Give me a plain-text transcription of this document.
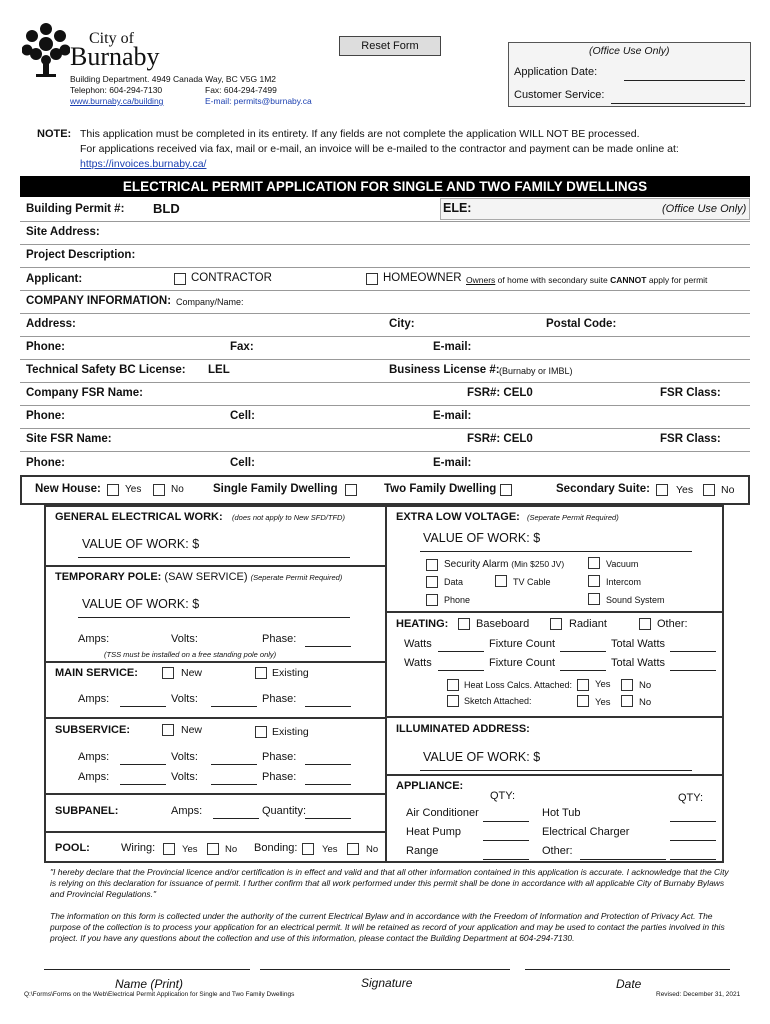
City of
Burnaby
Building Department. 4949 Canada Way, BC V5G 1M2
Telephon: 604-294-7130	Fax: 604-294-7499
www.burnaby.ca/building	E-mail: permits@burnaby.ca
Reset Form	(Office Use Only)
Application Date:
Customer Service:
NOTE: This application must be completed in its entirety. If any fields are not complete the application WILL NOT BE processed.
For applications received via fax, mail or e-mail, an invoice will be e-mailed to the contractor and payment can be made online at:
https://invoices.burnaby.ca/
ELECTRICAL PERMIT APPLICATION FOR SINGLE AND TWO FAMILY DWELLINGS
Building Permit #: BLD	ELE:	(Office Use Only)
Site Address:
Project Description:
Applicant:	CONTRACTOR	HOMEOWNER Owners of home with secondary suite CANNOT apply for permit
COMPANY INFORMATION: Company/Name:
Address:	City:	Postal Code:
Phone:	Fax:	E-mail:
Technical Safety BC License: LEL	Business License #: (Burnaby or IMBL)
Company FSR Name:	FSR#: CEL0	FSR Class:
Phone:	Cell:	E-mail:
Site FSR Name:	FSR#: CEL0	FSR Class:
Phone:	Cell:	E-mail:
New House: Yes	No	Single Family Dwelling	Two Family Dwelling	Secondary Suite: Yes	No
GENERAL ELECTRICAL WORK: (does not apply to New SFD/TFD)
VALUE OF WORK: $
TEMPORARY POLE: (SAW SERVICE) (Seperate Permit Required)
VALUE OF WORK: $
Amps:	Volts:	Phase:
(TSS must be installed on a free standing pole only)
MAIN SERVICE:	New	Existing
Amps:	Volts:	Phase:
SUBSERVICE:	New	Existing
Amps:	Volts:	Phase:
Amps:	Volts:	Phase:
SUBPANEL:	Amps:	Quantity:
POOL:	Wiring:	Yes	No Bonding:	Yes	No
EXTRA LOW VOLTAGE: (Seperate Permit Required)
VALUE OF WORK: $
Security Alarm (Min $250 JV)	Vacuum
Data	TV Cable	Intercom
Phone	Sound System
HEATING:	Baseboard	Radiant	Other:
Watts	Fixture Count	Total Watts
Watts	Fixture Count	Total Watts
Heat Loss Calcs. Attached: Yes	No
Sketch Attached:	Yes	No
ILLUMINATED ADDRESS:
VALUE OF WORK: $
APPLIANCE:
QTY:	QTY:
Air Conditioner	Hot Tub
Heat Pump	Electrical Charger
Range	Other:
"I hereby declare that the Provincial licence and/or certification is in effect and valid and that all other information contained in this application is accurate. I acknowledge that the City is relying on this declaration for issuance of permit. I further confirm that all work performed under this permit shall be done in accordance with all applicable City of Burnaby Bylaws and Provincial Regulations."
The information on this form is collected under the authority of the current Electrical Bylaw and in accordance with the Freedom of Information and Protection of Privacy Act. The purpose of the collection is to process your application for an electrical permit. It will be retained as record of your application and may be used to contact the parties involved in this project. If you have any questions about the collection and use of this information, please contact the Building Department at 604-294-7130.
Name (Print)	Signature	Date
Q:\Forms\Forms on the Web\Electrical Permit Application for Single and Two Family Dwellings	Revised: December 31, 2021
